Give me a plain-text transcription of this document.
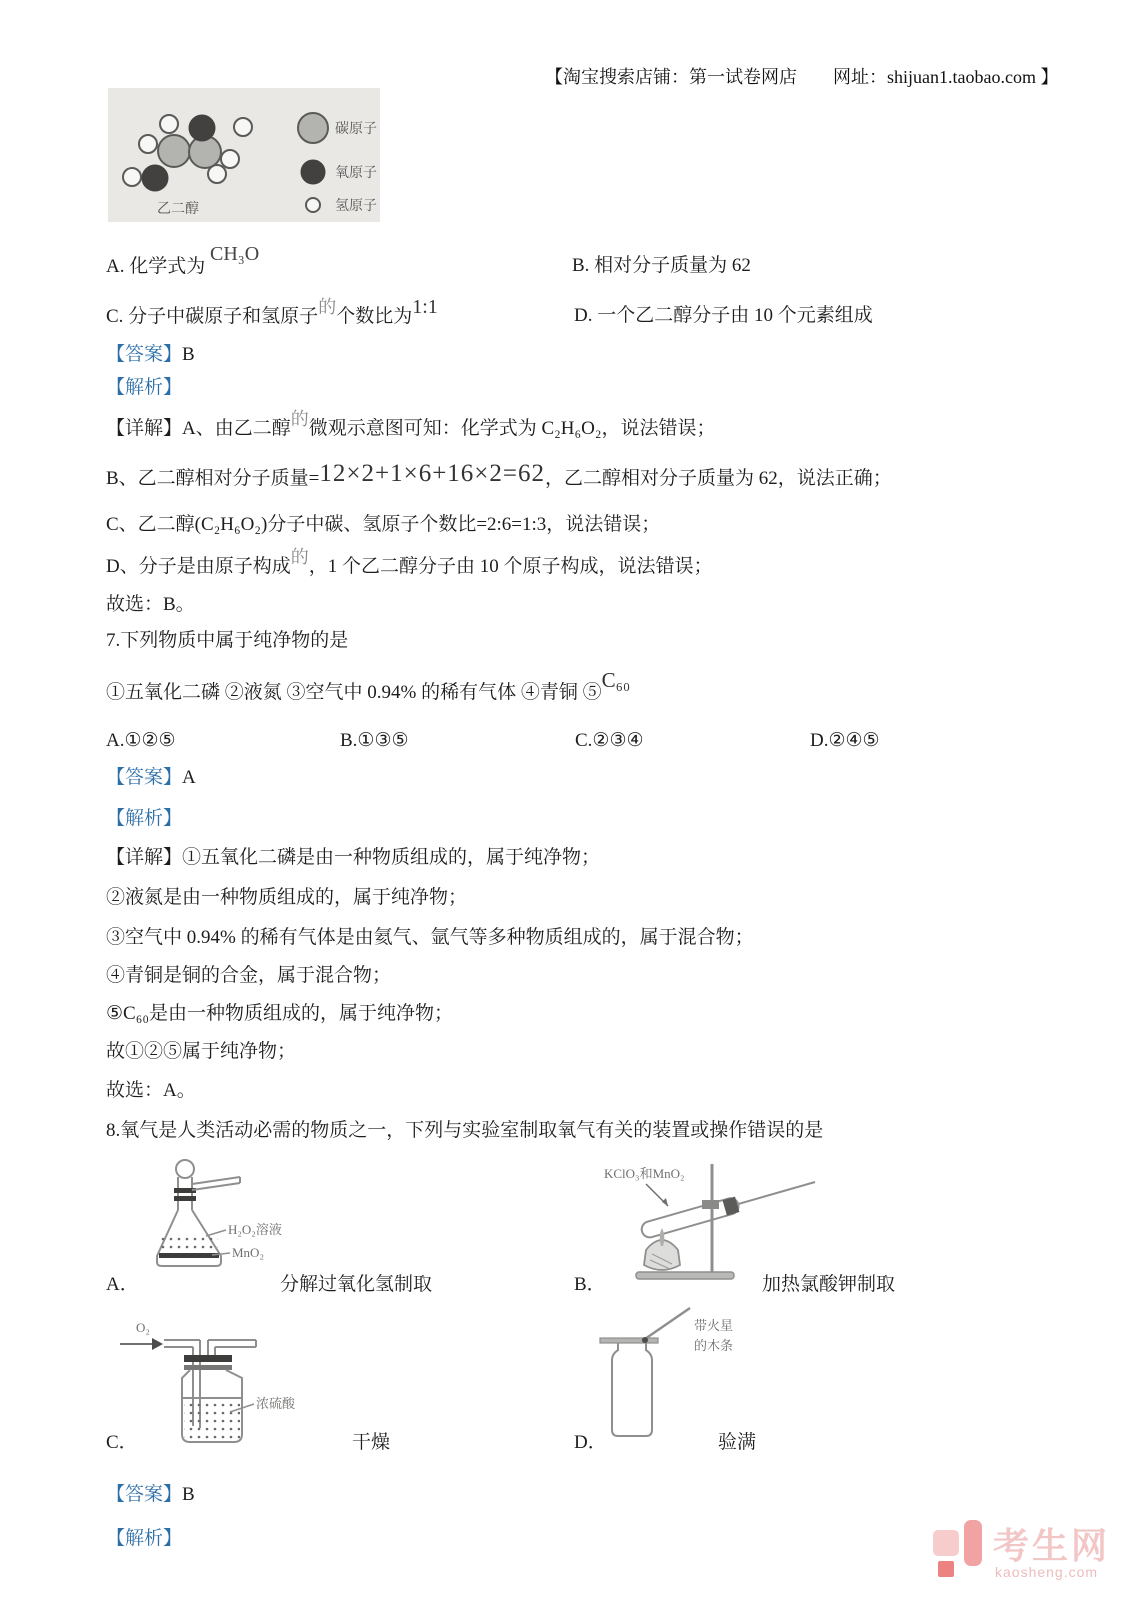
【淘宝搜索店铺：第一试卷网店　　网址：shijuan1.taobao.com 】
乙二醇
碳原子
氧原子
氢原子
A. 化学式为 CH₃O
B. 相对分子质量为 62
C. 分子中碳原子和氢原子的个数比为1:1	D. 一个乙二醇分子由 10 个元素组成
【答案】B
【解析】
【详解】A、由乙二醇的微观示意图可知：化学式为 C₂H₆O₂，说法错误；
B、乙二醇相对分子质量=12×2+1×6+16×2=62，乙二醇相对分子质量为 62，说法正确；
C、乙二醇(C₂H₆O₂)分子中碳、氢原子个数比=2:6=1:3，说法错误；
D、分子是由原子构成的，1 个乙二醇分子由 10 个原子构成，说法错误；
故选：B。
7.下列物质中属于纯净物的是
①五氧化二磷 ②液氮 ③空气中 0.94% 的稀有气体 ④青铜 ⑤C₆₀
A.①②⑤	B.①③⑤	C.②③④	D.②④⑤
【答案】A
【解析】
【详解】①五氧化二磷是由一种物质组成的，属于纯净物；
②液氮是由一种物质组成的，属于纯净物；
③空气中 0.94% 的稀有气体是由氦气、氩气等多种物质组成的，属于混合物；
④青铜是铜的合金，属于混合物；
⑤C₆₀是由一种物质组成的，属于纯净物；
故①②⑤属于纯净物；
故选：A。
8.氧气是人类活动必需的物质之一，下列与实验室制取氧气有关的装置或操作错误的是
H₂O₂溶液
MnO₂
KClO₃和MnO₂
A．	分解过氧化氢制取	B．	加热氯酸钾制取
O₂
浓硫酸
带火星
的木条
C．	干燥	D．	验满
【答案】B
【解析】	考生网
kaosheng.com
